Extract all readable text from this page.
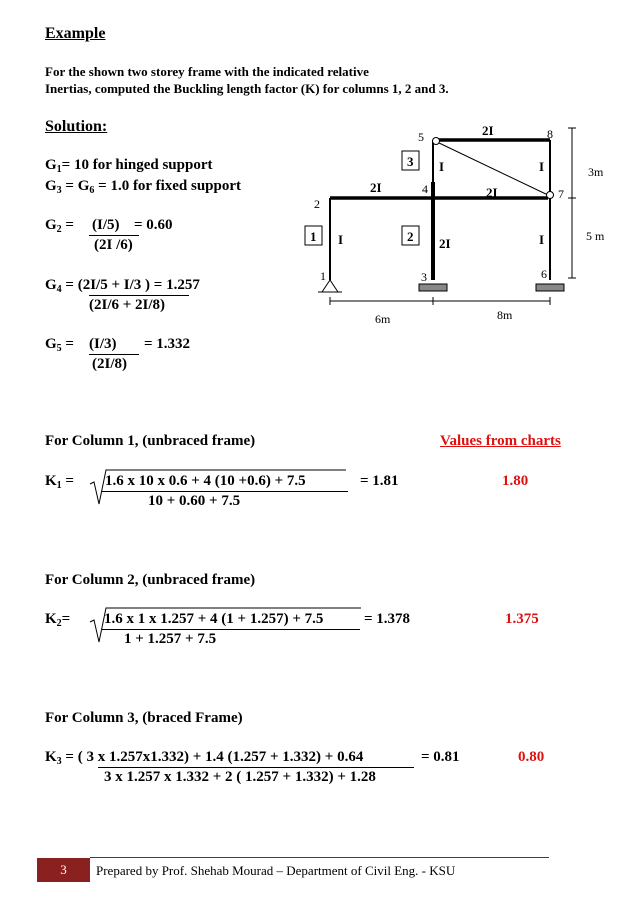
Example
For the shown two storey frame with the indicated relative
Inertias, computed the Buckling length factor (K) for columns 1, 2 and 3.
Solution:
$G_1= 10$ for hinged support
$G_3 = G_6 = 1.0$ for fixed support
$G_2 = (I/5) = 0.60$
(2I /6)
$G_4 = (2I/5 + I/3$ ) = 1.257
(2I/6 + 2I/8)
$G_5 = (I/3) = 1.332$
(2I/8)
3m
5 m
6m	8m
1
2
3
4
5
6
7
8
2I
2I	2I
I	2I
I
I
I
1	2
3
For Column 1, (unbraced frame)	Values from charts
$K_1 = 1.6$ x 10 x 0.6 + 4 (10 +0.6) + 7.5	= 1.81
10 + 0.60 + 7.5
1.80
For Column 2, (unbraced frame)
$K_2= 1.6$ x 1 x 1.257 + 4 (1 + 1.257) + 7.5	= 1.378
1 + 1.257 + 7.5
1.375
For Column 3, (braced Frame)
$K_3$ = ( 3 x 1.257x1.332) + 1.4 (1.257 + 1.332) + 0.64	= 0.81
3 x 1.257 x 1.332 + 2 ( 1.257 + 1.332) + 1.28
0.80
3	Prepared by Prof. Shehab Mourad – Department of Civil Eng. - KSU
